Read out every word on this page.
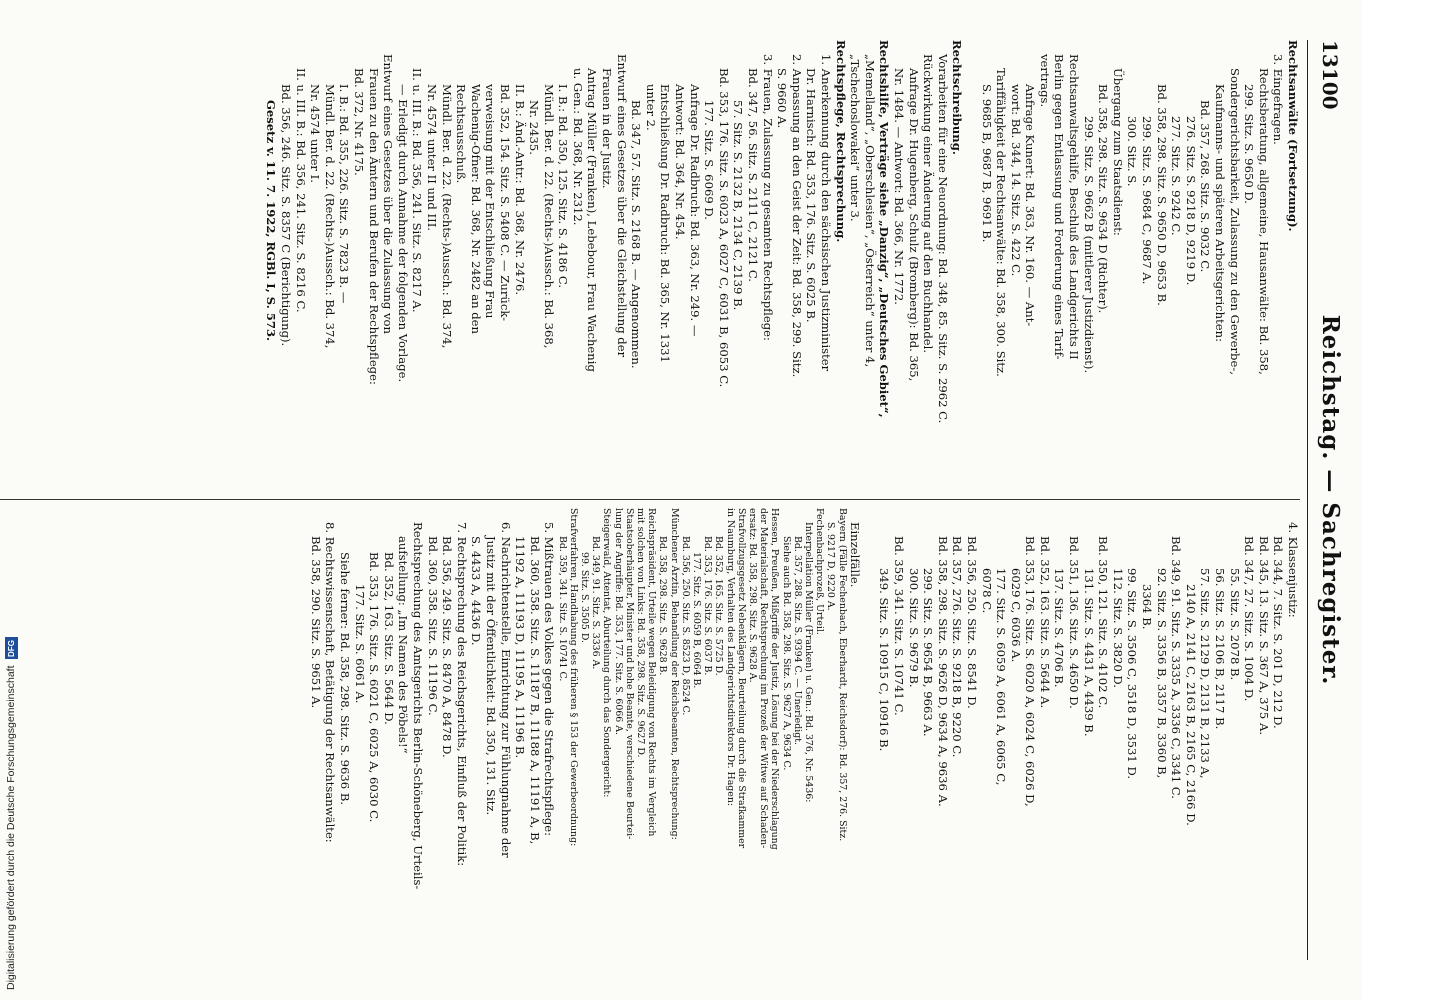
13100
Reichstag. — Sachregister.
Rechtsanwälte (Fortsetzung).
3. Eingefragen.
Rechtsberatung, allgemeine, Hausanwälte: Bd. 358,
299. Sitz. S. 9650 D.
Sondergerichtsbarkeit, Zulassung zu den Gewerbe-,
Kaufmanns- und späteren Arbeitsgerichten:
Bd. 357, 268. Sitz. S. 9032 C.
276. Sitz. S. 9218 D, 9219 D.
277. Sitz. S. 9242 C.
Bd. 358, 298. Sitz. S. 9650 D, 9653 B.
299. Sitz. S. 9684 C, 9687 A.
300. Sitz. S.
Übergang zum Staatsdienst:
Bd. 358, 298. Sitz. S. 9634 D (Richter).
299. Sitz. S. 9662 B (mittlerer Justizdienst).
Rechtsanwaltsgehilfe, Beschluß des Landgerichts II
Berlin gegen Entlassung und Forderung eines Tarif-
vertrags.
Anfrage Kunert: Bd. 363, Nr. 160. — Ant-
wort: Bd. 344, 14. Sitz. S. 422 C.
Tariffähigkeit der Rechtsanwälte: Bd. 358, 300. Sitz.
S. 9685 B, 9687 B, 9691 B.

Rechtschreibung.
Vorarbeiten für eine Neuordnung: Bd. 348, 85. Sitz. S. 2962 C.
Rückwirkung einer Änderung auf den Buchhandel.
Anfrage Dr. Hugenberg, Schulz (Bromberg): Bd. 365,
Nr. 1484. — Antwort: Bd. 366, Nr. 1772.
Rechtshilfe, Verträge siehe „Danzig“, „Deutsches Gebiet“,
„Memelland“, „Oberschlesien“, „Österreich“ unter 4,
„Tschechoslowakei“ unter 3.
Rechtspflege, Rechtsprechung.
1. Anerkennung durch den sächsischen Justizminister
Dr. Harnisch: Bd. 353, 176. Sitz. S. 6025 B.
2. Anpassung an den Geist der Zeit: Bd. 358, 299. Sitz.
S. 9660 A.
3. Frauen, Zulassung zu gesamten Rechtspflege:
Bd. 347, 56. Sitz. S. 2111 C, 2121 C.
57. Sitz. S. 2132 B, 2134 C, 2139 B.
Bd. 353, 176. Sitz. S. 6023 A, 6027 C, 6031 B, 6053 C.
177. Sitz. S. 6069 D.
Anfrage Dr. Radbruch: Bd. 363, Nr. 249. —
Antwort: Bd. 364, Nr. 454.
Entschließung Dr. Radbruch: Bd. 365, Nr. 1331
unter 2.
Bd. 347, 57. Sitz. S. 2168 B. — Angenommen.
Entwurf eines Gesetzes über die Gleichstellung der
Frauen in der Justiz.
Antrag Müller (Franken), Lebebour, Frau Wachenig
u. Gen.: Bd. 368, Nr. 2312.
I. B.: Bd. 350, 125. Sitz. S. 4186 C.
Mündl. Ber. d. 22. (Rechts-)Aussch.: Bd. 368,
Nr. 2435.
II. B.: Änd.-Antr.: Bd. 368, Nr. 2476.
Bd. 352, 154. Sitz. S. 5408 C. — Zurück-
verweisung mit der Entschließung Frau
Wachenig-Ofner: Bd. 368, Nr. 2482 an den
Rechtsausschuß.
Mündl. Ber. d. 22. (Rechts-)Aussch.: Bd. 374,
Nr. 4574 unter II und III.
II. u. III. B.: Bd. 356, 241. Sitz. S. 8217 A.
— Erledigt durch Annahme der folgenden Vorlage.
Entwurf eines Gesetzes über die Zulassung von
Frauen zu den Ämtern und Berufen der Rechtspflege:
Bd. 372, Nr. 4175.
I. B.: Bd. 355, 226. Sitz. S. 7823 B. —
Mündl. Ber. d. 22. (Rechts-)Aussch.: Bd. 374,
Nr. 4574 unter I.
II. u. III. B.: Bd. 356, 241. Sitz. S. 8216 C.
Bd. 356, 246. Sitz. S. 8357 C (Berichtigung).
Gesetz v. 11. 7. 1922, RGBl. I, S. 573.
4. Klassenjustiz:
Bd. 344, 7. Sitz. S. 201 D, 212 D.
Bd. 345, 13. Sitz. S. 367 A, 375 A.
Bd. 347, 27. Sitz. S. 1004 D.
55. Sitz. S. 2078 B.
56. Sitz. S. 2106 B, 2117 B.
57. Sitz. S. 2129 D, 2131 B, 2133 A,
2140 A, 2141 C, 2163 B, 2165 C, 2166 D.
Bd. 349, 91. Sitz. S. 3335 A, 3336 C, 3341 C.
92. Sitz. S. 3356 B, 3357 B, 3360 B,
3364 B.
99. Sitz. S. 3506 C, 3518 D, 3531 D.
112. Sitz. S. 3820 D.
Bd. 350, 121. Sitz. S. 4102 C.
131. Sitz. S. 4431 A, 4439 B.
Bd. 351, 136. Sitz. S. 4650 D.
137. Sitz. S. 4706 B.
Bd. 352, 163. Sitz. S. 5644 A.
Bd. 353, 176. Sitz. S. 6020 A, 6024 C, 6026 D,
6029 C, 6036 A.
177. Sitz. S. 6059 A, 6061 A, 6065 C,
6078 C.
Bd. 356, 250. Sitz. S. 8541 D.
Bd. 357, 276. Sitz. S. 9218 B, 9220 C.
Bd. 358, 298. Sitz. S. 9626 D, 9634 A, 9636 A.
299. Sitz. S. 9654 B, 9663 A.
300. Sitz. S. 9679 B.
Bd. 359, 341. Sitz. S. 10741 C.
349. Sitz. S. 10915 C, 10916 B.

Einzelfälle.
Bayern (Fälle Fechenbach, Eberhardt, Reichsdorf): Bd. 357, 276. Sitz.
S. 9217 D, 9220 A.
Fechenbachprozeß, Urteil.
Interpellation Müller (Franken) u. Gen.: Bd. 376, Nr. 5436:
Bd. 357, 288. Sitz. S. 9394 C. — Unerledigt.
Siehe auch Bd. 358, 298. Sitz. S. 9627 A, 9634 C.
Hessen, Preußen, Mißgriffe der Justiz, Lösung bei der Niederschlagung
der Materialschaft, Rechtsprechung im Prozeß der Witwe auf Schaden-
ersatz: Bd. 358, 298. Sitz. S. 9628 A.
Strafvollzugsgesetz Nebenklägern, Beurteilung durch die Strafkammer
in Naumburg, Verhalten des Landgerichtsdirektors Dr. Hagen:
Bd. 352, 165. Sitz. S. 5725 D.
Bd. 353, 176. Sitz. S. 6037 B.
177. Sitz. S. 6059 B, 6064 B.
Bd. 356, 250. Sitz. S. 8523 D, 8524 C.
Münchener Ärztin, Behandlung der Reichsbeamten, Rechtsprechung:
Bd. 358, 298. Sitz. S. 9628 B.
Reichspräsident, Urteile wegen Beleidigung von Rechts im Vergleich
mit solchen von Links: Bd. 358, 298. Sitz. S. 9627 D.
Staatsoberhäupter, Minister und hohe Beamte, verschiedene Beurtei-
lung der Angriffe: Bd. 353, 177. Sitz. S. 6066 A.
Steigerwald, Attentat, Aburteilung durch das Sondergericht:
Bd. 349, 91. Sitz. S. 3336 A.
99. Sitz. S. 3505 D.
Strafverfahren, Handhabung des früheren § 153 der Gewerbeordnung:
Bd. 359, 341. Sitz. S. 10741 C.
5. Mißtrauen des Volkes gegen die Strafrechtspflege:
Bd. 360, 358. Sitz. S. 11187 B, 11188 A, 11191 A, B,
11192 A, 11193 D, 11195 A, 11196 B.
6. Nachrichtenstelle, Einrichtung zur Fühlungnahme der
Justiz mit der Öffentlichkeit: Bd. 350, 131. Sitz.
S. 4433 A, 4436 D.
7. Rechtsprechung des Reichsgerichts, Einfluß der Politik:
Bd. 356, 249. Sitz. S. 8470 A, 8478 D.
Bd. 360, 358. Sitz. S. 11196 C.
Rechtsprechung des Amtsgerichts Berlin-Schöneberg, Urteils-
aufstellung: „Im Namen des Pöbels!“
Bd. 352, 163. Sitz. S. 5644 D.
Bd. 353, 176. Sitz. S. 6021 C, 6025 A, 6030 C.
177. Sitz. S. 6061 A.
Siehe ferner: Bd. 358, 298. Sitz. S. 9636 B.
8. Rechtswissenschaft, Betätigung der Rechtsanwälte:
Bd. 358, 290. Sitz. S. 9651 A.
Digitalisierung gefördert durch die Deutsche Forschungsgemeinschaft
DFG
